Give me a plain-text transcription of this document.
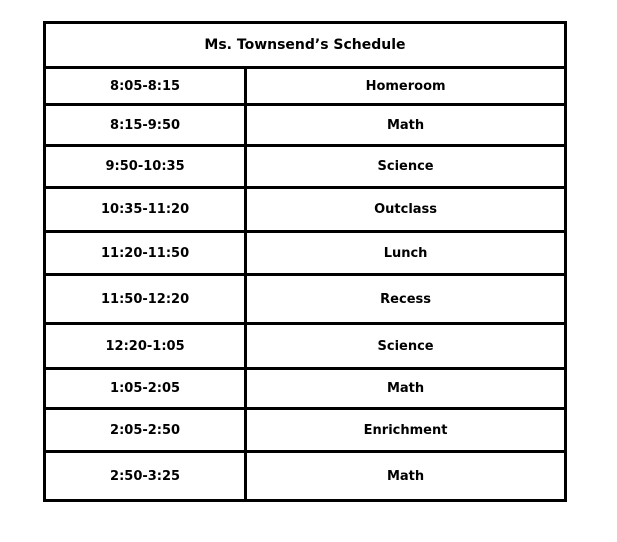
Ms. Townsend’s Schedule	
8:05-8:15	Homeroom
8:15-9:50	Math
9:50-10:35	Science
10:35-11:20	Outclass
11:20-11:50	Lunch
11:50-12:20	Recess
12:20-1:05	Science
1:05-2:05	Math
2:05-2:50	Enrichment
2:50-3:25	Math
